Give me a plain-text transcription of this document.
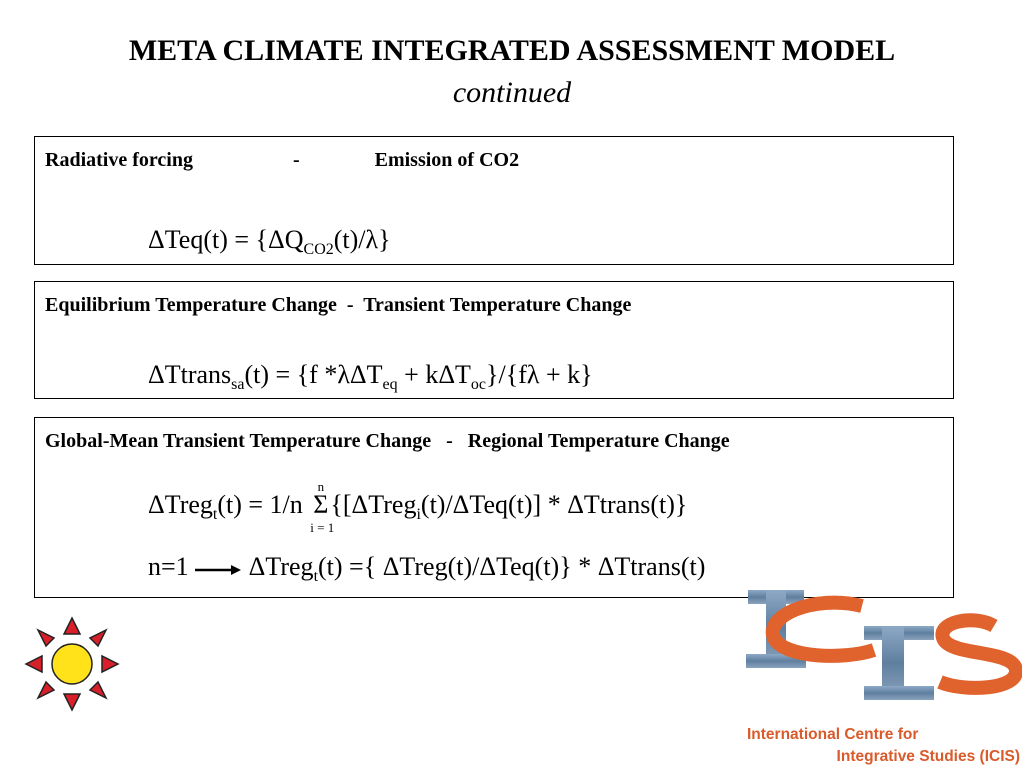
META CLIMATE INTEGRATED ASSESSMENT MODEL
continued
Radiative forcing                    -               Emission of CO2
$\Delta Teq(t) = \{\Delta Q_{CO2}(t)/\lambda\}$
Equilibrium Temperature Change  -  Transient Temperature Change
ΔTtrans$_{sa}$(t) = {f *λΔT$_{eq}$ + kΔT$_{oc}$}/{fλ + k}
Global-Mean Transient Temperature Change   -   Regional Temperature Change
ΔTreg$_t$(t) = 1/n
n
Σ
i = 1
{[ΔTreg$_i$(t)/ΔTeq(t)] * ΔTtrans(t)}
n=1 ΔTreg$_t$(t) ={ ΔTreg(t)/ΔTeq(t)} * ΔTtrans(t)
International Centre for
Integrative Studies (ICIS)
